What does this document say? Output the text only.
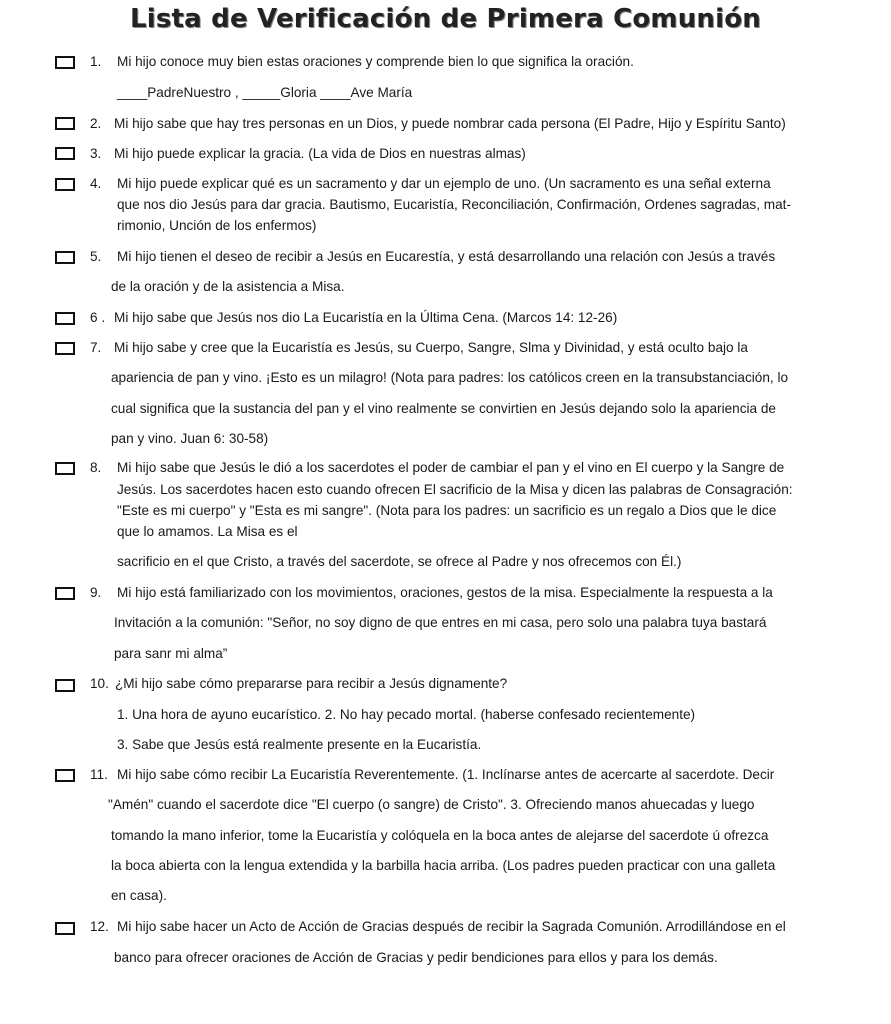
Lista de Verificación de Primera Comunión
1. Mi hijo conoce muy bien estas oraciones y comprende bien lo que significa la oración.
____PadreNuestro , _____Gloria ____Ave María
2. Mi hijo sabe que hay tres personas en un Dios, y puede nombrar cada persona (El Padre, Hijo y Espíritu Santo)
3. Mi hijo puede explicar la gracia. (La vida de Dios en nuestras almas)
4. Mi hijo puede explicar qué es un sacramento y dar un ejemplo de uno. (Un sacramento es una señal externa
que nos dio Jesús para dar gracia. Bautismo, Eucaristía, Reconciliación, Confirmación, Ordenes sagradas, mat-
rimonio, Unción de los enfermos)
5. Mi hijo tienen el deseo de recibir a Jesús en Eucarestía, y está desarrollando una relación con Jesús a través
de la oración y de la asistencia a Misa.
6 . Mi hijo sabe que Jesús nos dio La Eucaristía en la Última Cena. (Marcos 14: 12-26)
7. Mi hijo sabe y cree que la Eucaristía es Jesús, su Cuerpo, Sangre, Slma y Divinidad, y está oculto bajo la
apariencia de pan y vino. ¡Esto es un milagro! (Nota para padres: los católicos creen en la transubstanciación, lo
cual significa que la sustancia del pan y el vino realmente se convirtien en Jesús dejando solo la apariencia de
pan y vino. Juan 6: 30-58)
8. Mi hijo sabe que Jesús le dió a los sacerdotes el poder de cambiar el pan y el vino en El cuerpo y la Sangre de
Jesús. Los sacerdotes hacen esto cuando ofrecen El sacrificio de la Misa y dicen las palabras de Consagración:
"Este es mi cuerpo" y "Esta es mi sangre". (Nota para los padres: un sacrificio es un regalo a Dios que le dice
que lo amamos. La Misa es el
sacrificio en el que Cristo, a través del sacerdote, se ofrece al Padre y nos ofrecemos con Él.)
9. Mi hijo está familiarizado con los movimientos, oraciones, gestos de la misa. Especialmente la respuesta a la
Invitación a la comunión: "Señor, no soy digno de que entres en mi casa, pero solo una palabra tuya bastará
para sanr mi alma”
10. ¿Mi hijo sabe cómo prepararse para recibir a Jesús dignamente?
1. Una hora de ayuno eucarístico. 2. No hay pecado mortal. (haberse confesado recientemente)
3. Sabe que Jesús está realmente presente en la Eucaristía.
11. Mi hijo sabe cómo recibir La Eucaristía Reverentemente. (1. Inclínarse antes de acercarte al sacerdote. Decir
"Amén" cuando el sacerdote dice "El cuerpo (o sangre) de Cristo". 3. Ofreciendo manos ahuecadas y luego
tomando la mano inferior, tome la Eucaristía y colóquela en la boca antes de alejarse del sacerdote ú ofrezca
la boca abierta con la lengua extendida y la barbilla hacia arriba. (Los padres pueden practicar con una galleta
en casa).
12. Mi hijo sabe hacer un Acto de Acción de Gracias después de recibir la Sagrada Comunión. Arrodillándose en el
banco para ofrecer oraciones de Acción de Gracias y pedir bendiciones para ellos y para los demás.
